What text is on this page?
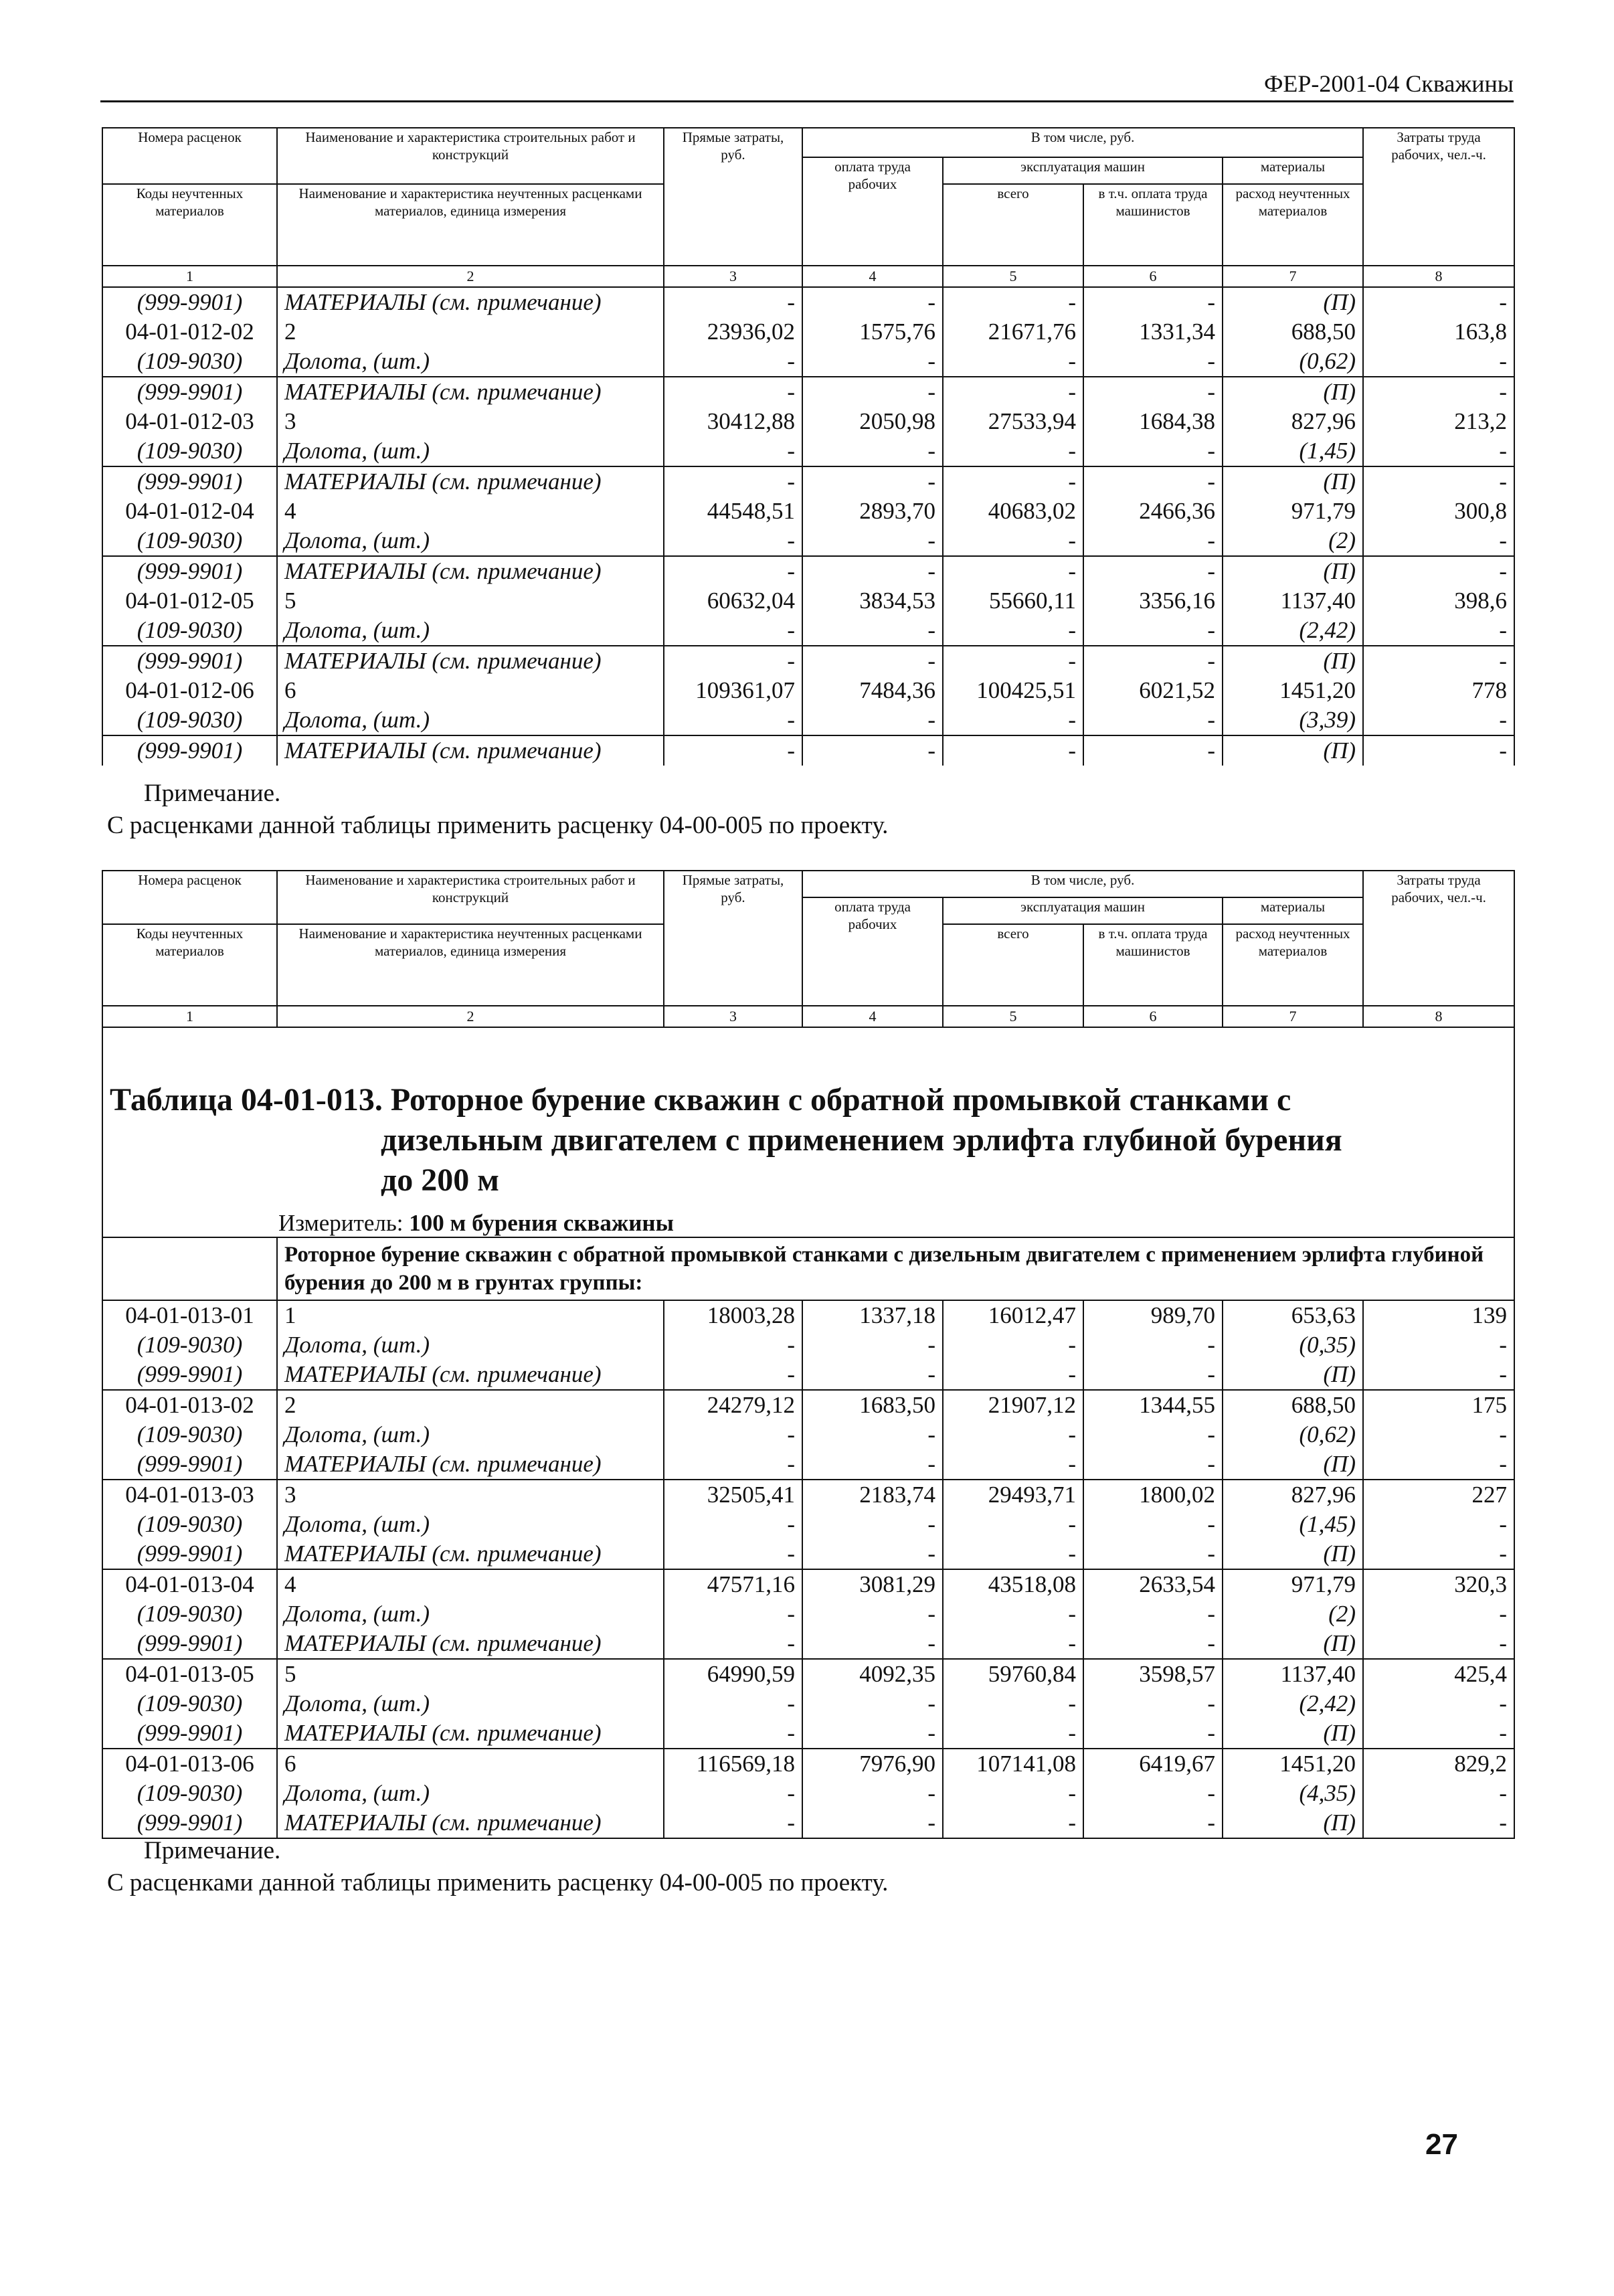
ФЕР-2001-04 Скважины
Номера расценок	Наименование и характеристика строительных работ и конструкций	Прямые затраты, руб.	В том числе, руб.				Затраты труда рабочих, чел.-ч.
			оплата труда рабочих	эксплуатация машин		материалы	
Коды неучтенных материалов	Наименование и характеристика неучтенных расценками материалов, единица измерения			всего	в т.ч. оплата труда машинистов	расход неучтенных материалов	

1	2	3	4	5	6	7	8
(999-9901)	МАТЕРИАЛЫ (см. примечание)	-	-	-	-	(П)	-
04-01-012-02	2	23936,02	1575,76	21671,76	1331,34	688,50	163,8
(109-9030)	Долота, (шт.)	-	-	-	-	(0,62)	-
(999-9901)	МАТЕРИАЛЫ (см. примечание)	-	-	-	-	(П)	-
04-01-012-03	3	30412,88	2050,98	27533,94	1684,38	827,96	213,2
(109-9030)	Долота, (шт.)	-	-	-	-	(1,45)	-
(999-9901)	МАТЕРИАЛЫ (см. примечание)	-	-	-	-	(П)	-
04-01-012-04	4	44548,51	2893,70	40683,02	2466,36	971,79	300,8
(109-9030)	Долота, (шт.)	-	-	-	-	(2)	-
(999-9901)	МАТЕРИАЛЫ (см. примечание)	-	-	-	-	(П)	-
04-01-012-05	5	60632,04	3834,53	55660,11	3356,16	1137,40	398,6
(109-9030)	Долота, (шт.)	-	-	-	-	(2,42)	-
(999-9901)	МАТЕРИАЛЫ (см. примечание)	-	-	-	-	(П)	-
04-01-012-06	6	109361,07	7484,36	100425,51	6021,52	1451,20	778
(109-9030)	Долота, (шт.)	-	-	-	-	(3,39)	-
(999-9901)	МАТЕРИАЛЫ (см. примечание)	-	-	-	-	(П)	-
Примечание.
С расценками данной таблицы применить расценку 04-00-005 по проекту.
Номера расценок	Наименование и характеристика строительных работ и конструкций	Прямые затраты, руб.	В том числе, руб.				Затраты труда рабочих, чел.-ч.
			оплата труда рабочих	эксплуатация машин		материалы	
Коды неучтенных материалов	Наименование и характеристика неучтенных расценками материалов, единица измерения			всего	в т.ч. оплата труда машинистов	расход неучтенных материалов	

1	2	3	4	5	6	7	8

Таблица 04-01-013. Роторное бурение скважин с обратной промывкой станками с
дизельным двигателем с применением эрлифта глубиной бурения
до 200 м
Измеритель: 100 м бурения скважины							

	Роторное бурение скважин с обратной промывкой станками с дизельным двигателем с применением эрлифта глубиной бурения до 200 м в грунтах группы:						
04-01-013-01	1	18003,28	1337,18	16012,47	989,70	653,63	139
(109-9030)	Долота, (шт.)	-	-	-	-	(0,35)	-
(999-9901)	МАТЕРИАЛЫ (см. примечание)	-	-	-	-	(П)	-
04-01-013-02	2	24279,12	1683,50	21907,12	1344,55	688,50	175
(109-9030)	Долота, (шт.)	-	-	-	-	(0,62)	-
(999-9901)	МАТЕРИАЛЫ (см. примечание)	-	-	-	-	(П)	-
04-01-013-03	3	32505,41	2183,74	29493,71	1800,02	827,96	227
(109-9030)	Долота, (шт.)	-	-	-	-	(1,45)	-
(999-9901)	МАТЕРИАЛЫ (см. примечание)	-	-	-	-	(П)	-
04-01-013-04	4	47571,16	3081,29	43518,08	2633,54	971,79	320,3
(109-9030)	Долота, (шт.)	-	-	-	-	(2)	-
(999-9901)	МАТЕРИАЛЫ (см. примечание)	-	-	-	-	(П)	-
04-01-013-05	5	64990,59	4092,35	59760,84	3598,57	1137,40	425,4
(109-9030)	Долота, (шт.)	-	-	-	-	(2,42)	-
(999-9901)	МАТЕРИАЛЫ (см. примечание)	-	-	-	-	(П)	-
04-01-013-06	6	116569,18	7976,90	107141,08	6419,67	1451,20	829,2
(109-9030)	Долота, (шт.)	-	-	-	-	(4,35)	-
(999-9901)	МАТЕРИАЛЫ (см. примечание)	-	-	-	-	(П)	-
Примечание.
С расценками данной таблицы применить расценку 04-00-005 по проекту.
27
